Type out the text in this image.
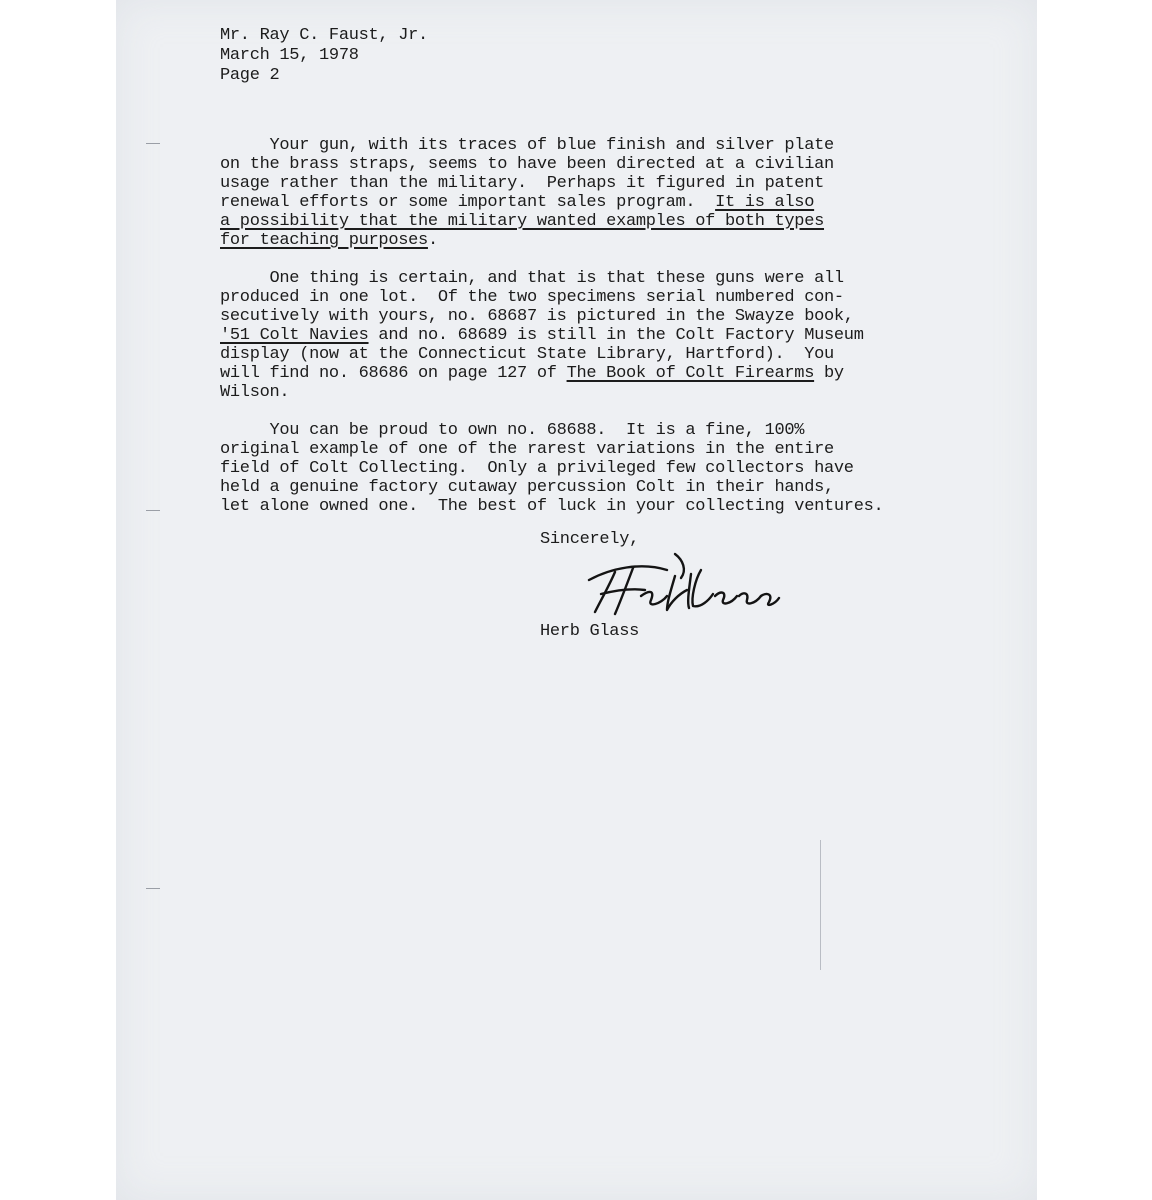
Mr. Ray C. Faust, Jr.
March 15, 1978
Page 2
Your gun, with its traces of blue finish and silver plate
on the brass straps, seems to have been directed at a civilian
usage rather than the military.  Perhaps it figured in patent
renewal efforts or some important sales program.  It is also
a possibility that the military wanted examples of both types
for teaching purposes.
One thing is certain, and that is that these guns were all
produced in one lot.  Of the two specimens serial numbered con-
secutively with yours, no. 68687 is pictured in the Swayze book,
'51 Colt Navies and no. 68689 is still in the Colt Factory Museum
display (now at the Connecticut State Library, Hartford).  You
will find no. 68686 on page 127 of The Book of Colt Firearms by
Wilson.
You can be proud to own no. 68688.  It is a fine, 100%
original example of one of the rarest variations in the entire
field of Colt Collecting.  Only a privileged few collectors have
held a genuine factory cutaway percussion Colt in their hands,
let alone owned one.  The best of luck in your collecting ventures.
Sincerely,
Herb Glass
